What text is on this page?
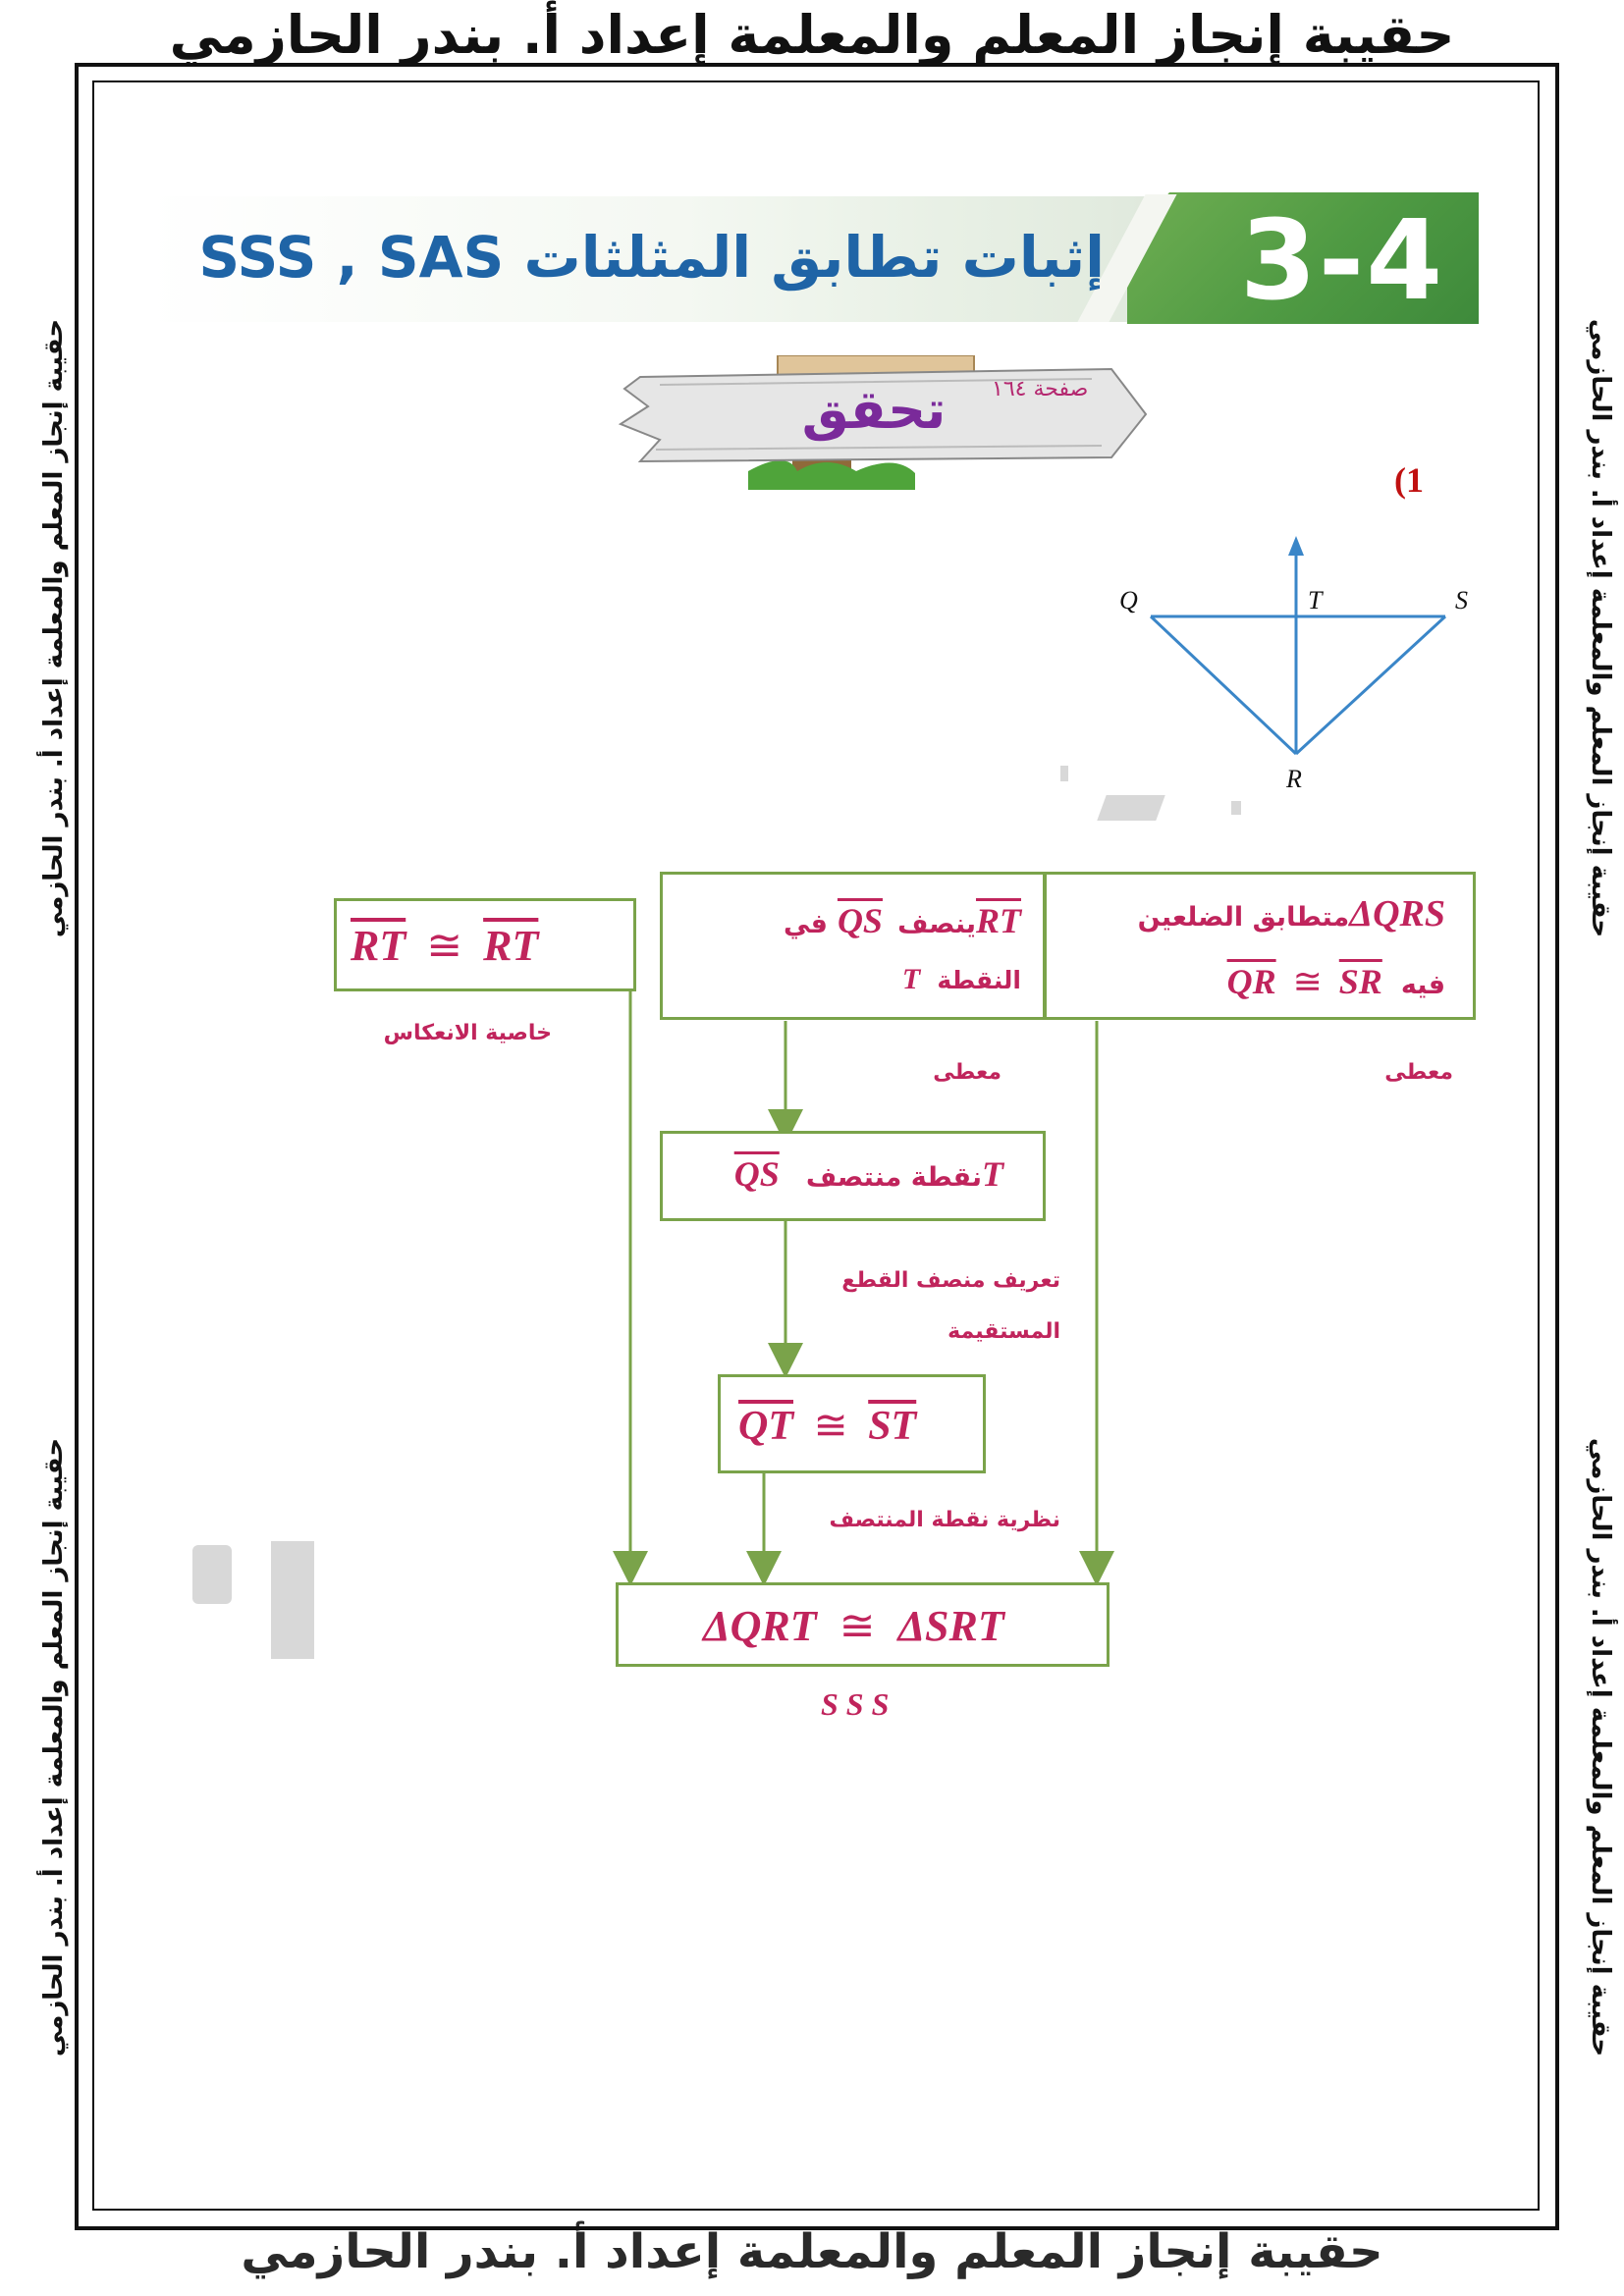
حقيبة إنجاز المعلم والمعلمة إعداد أ. بندر الحازمي
حقيبة إنجاز المعلم والمعلمة إعداد أ. بندر الحازمي
حقيبة إنجاز المعلم والمعلمة إعداد أ. بندر الحازمي
حقيبة إنجاز المعلم والمعلمة إعداد أ. بندر الحازمي
حقيبة إنجاز المعلم والمعلمة إعداد أ. بندر الحازمي
حقيبة إنجاز المعلم والمعلمة إعداد أ. بندر الحازمي
3-4
إثبات تطابق المثلثات SSS , SAS
تحقق	صفحة ١٦٤
(1
Q	T	S
R
$\overline{RT}$ ≅ $\overline{RT}$
خاصية الانعكاس
RTينصف QSفي
النقطة T
معطى
ΔQRSمتطابق الضلعين
فيه $\overline{QR}$ ≅ $\overline{SR}$
معطى
Tنقطة منتصف QS
تعريف منصف القطع
المستقيمة
$\overline{QT}$ ≅ $\overline{ST}$
نظرية نقطة المنتصف
ΔQRT ≅ ΔSRT
S S S
